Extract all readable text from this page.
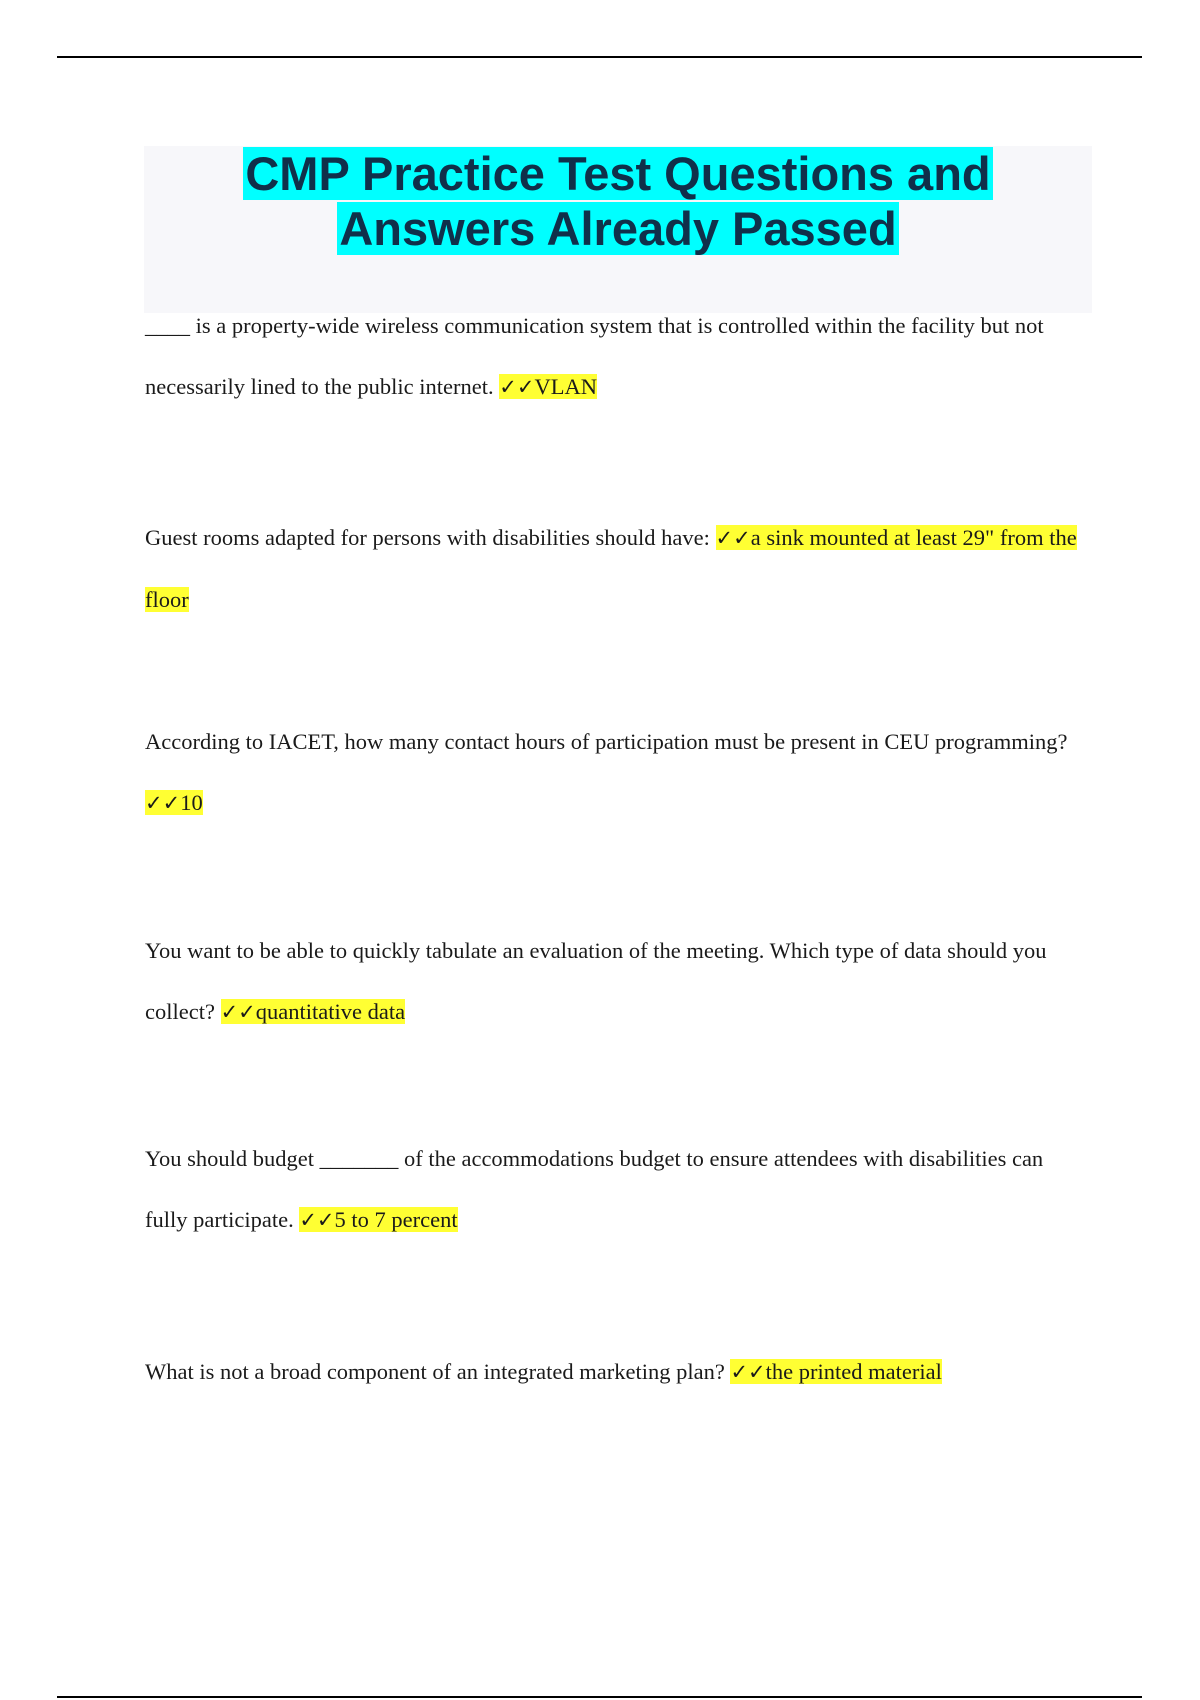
CMP Practice Test Questions and
Answers Already Passed

____ is a property-wide wireless communication system that is controlled within the facility but not necessarily lined to the public internet. ✓✓VLAN

Guest rooms adapted for persons with disabilities should have: ✓✓a sink mounted at least 29" from the floor

According to IACET, how many contact hours of participation must be present in CEU programming? ✓✓10

You want to be able to quickly tabulate an evaluation of the meeting. Which type of data should you collect? ✓✓quantitative data

You should budget _______ of the accommodations budget to ensure attendees with disabilities can fully participate. ✓✓5 to 7 percent

What is not a broad component of an integrated marketing plan? ✓✓the printed material
